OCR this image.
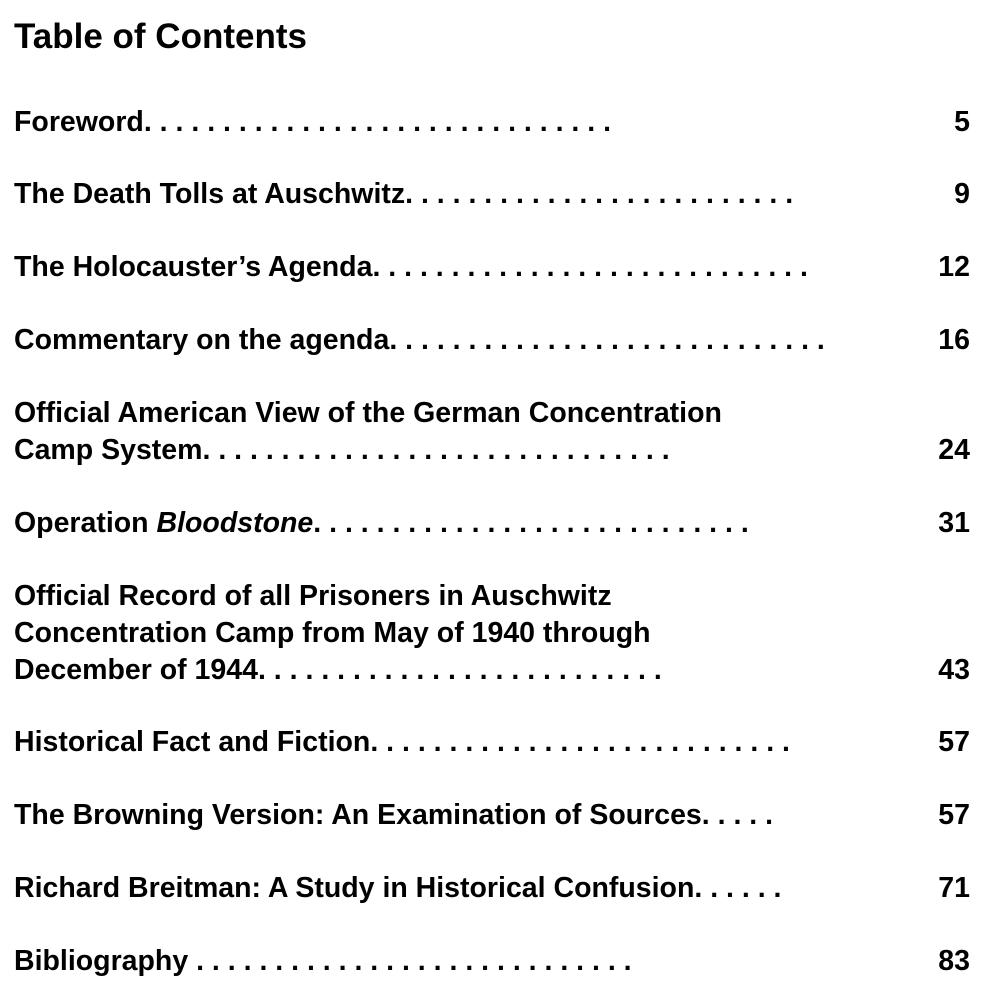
Table of Contents
Foreword. . . . . . . . . . . . . . . . . . . . . . . . . . . . . .	5
The Death Tolls at Auschwitz. . . . . . . . . . . . . . . . . . . . . . . . .	9
The Holocauster’s Agenda. . . . . . . . . . . . . . . . . . . . . . . . . . . .	12
Commentary on the agenda. . . . . . . . . . . . . . . . . . . . . . . . . . . .	16
Official American View of the German Concentration
Camp System. . . . . . . . . . . . . . . . . . . . . . . . . . . . . .	24
Operation Bloodstone. . . . . . . . . . . . . . . . . . . . . . . . . . . .	31
Official Record of all Prisoners in Auschwitz
Concentration Camp from May of 1940 through
December of 1944. . . . . . . . . . . . . . . . . . . . . . . . . .	43
Historical Fact and Fiction. . . . . . . . . . . . . . . . . . . . . . . . . . .	57
The Browning Version: An Examination of Sources. . . . .	57
Richard Breitman: A Study in Historical Confusion. . . . . .	71
Bibliography . . . . . . . . . . . . . . . . . . . . . . . . . . . .	83
